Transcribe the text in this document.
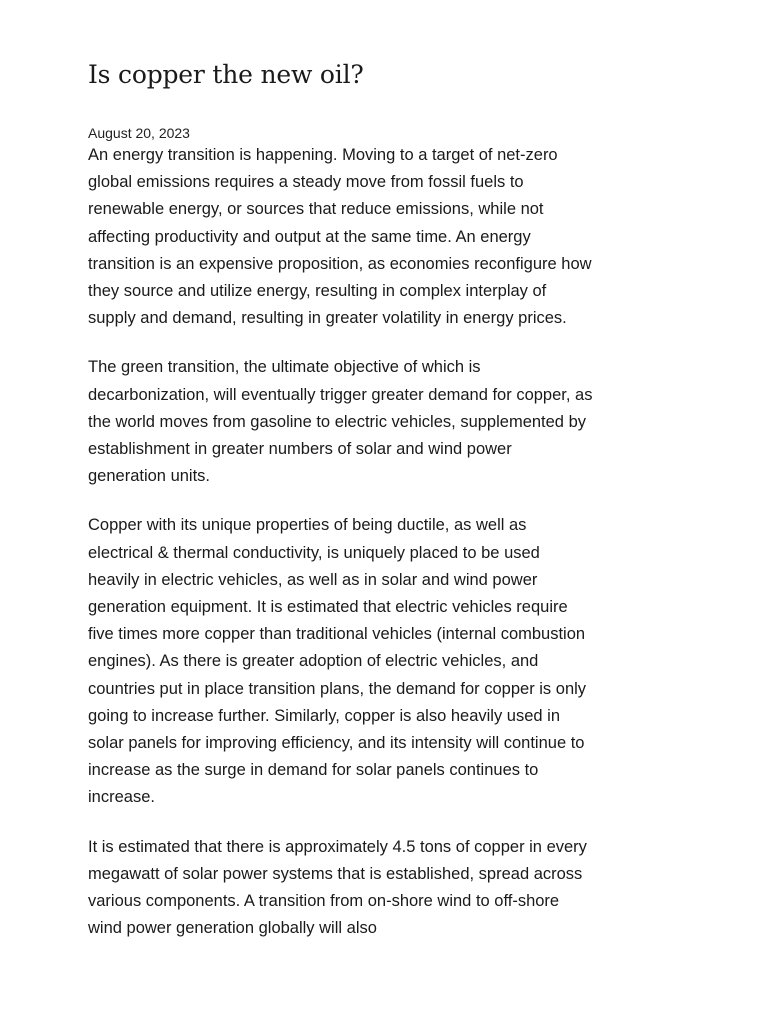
Is copper the new oil?
August 20, 2023

An energy transition is happening. Moving to a target of net-zero global emissions requires a steady move from fossil fuels to renewable energy, or sources that reduce emissions, while not affecting productivity and output at the same time. An energy transition is an expensive proposition, as economies reconfigure how they source and utilize energy, resulting in complex interplay of supply and demand, resulting in greater volatility in energy prices.

The green transition, the ultimate objective of which is decarbonization, will eventually trigger greater demand for copper, as the world moves from gasoline to electric vehicles, supplemented by establishment in greater numbers of solar and wind power generation units.

Copper with its unique properties of being ductile, as well as electrical & thermal conductivity, is uniquely placed to be used heavily in electric vehicles, as well as in solar and wind power generation equipment. It is estimated that electric vehicles require five times more copper than traditional vehicles (internal combustion engines). As there is greater adoption of electric vehicles, and countries put in place transition plans, the demand for copper is only going to increase further. Similarly, copper is also heavily used in solar panels for improving efficiency, and its intensity will continue to increase as the surge in demand for solar panels continues to increase.

It is estimated that there is approximately 4.5 tons of copper in every megawatt of solar power systems that is established, spread across various components. A transition from on-shore wind to off-shore wind power generation globally will also
